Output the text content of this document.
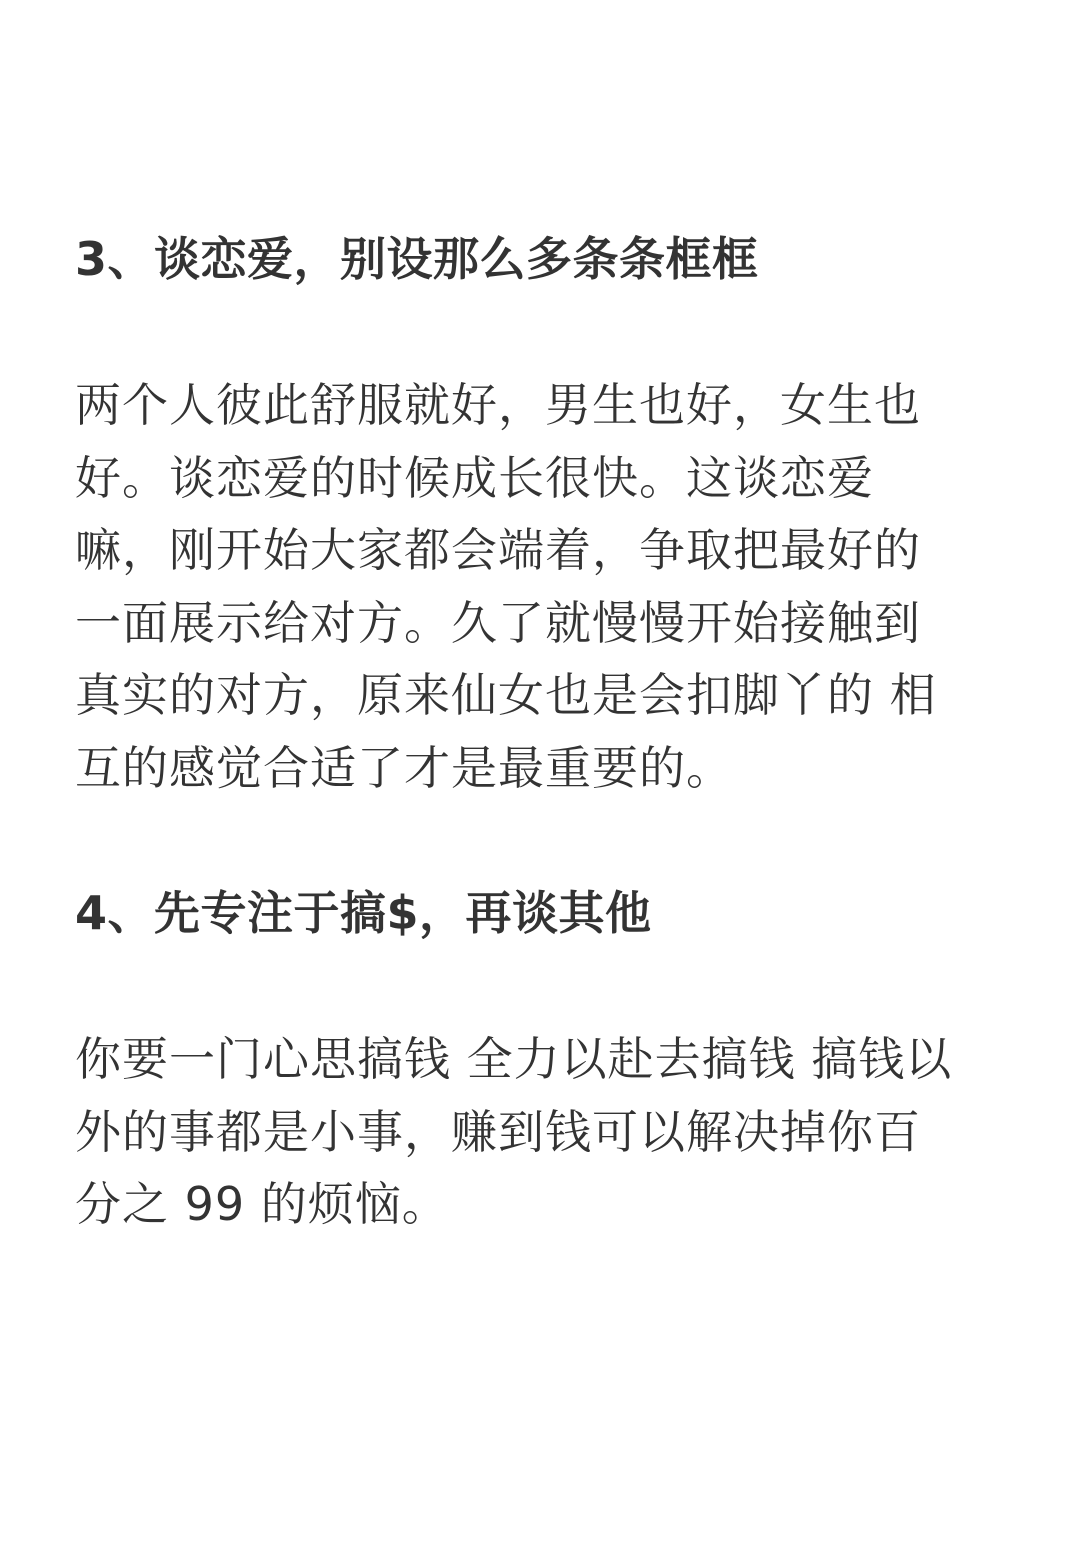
3、谈恋爱，别设那么多条条框框
两个人彼此舒服就好，男生也好，女生也
好。谈恋爱的时候成长很快。这谈恋爱
嘛，刚开始大家都会端着，争取把最好的
一面展示给对方。久了就慢慢开始接触到
真实的对方，原来仙女也是会扣脚丫的 相
互的感觉合适了才是最重要的。
4、先专注于搞$，再谈其他
你要一门心思搞钱 全力以赴去搞钱 搞钱以
外的事都是小事，赚到钱可以解决掉你百
分之 99 的烦恼。
